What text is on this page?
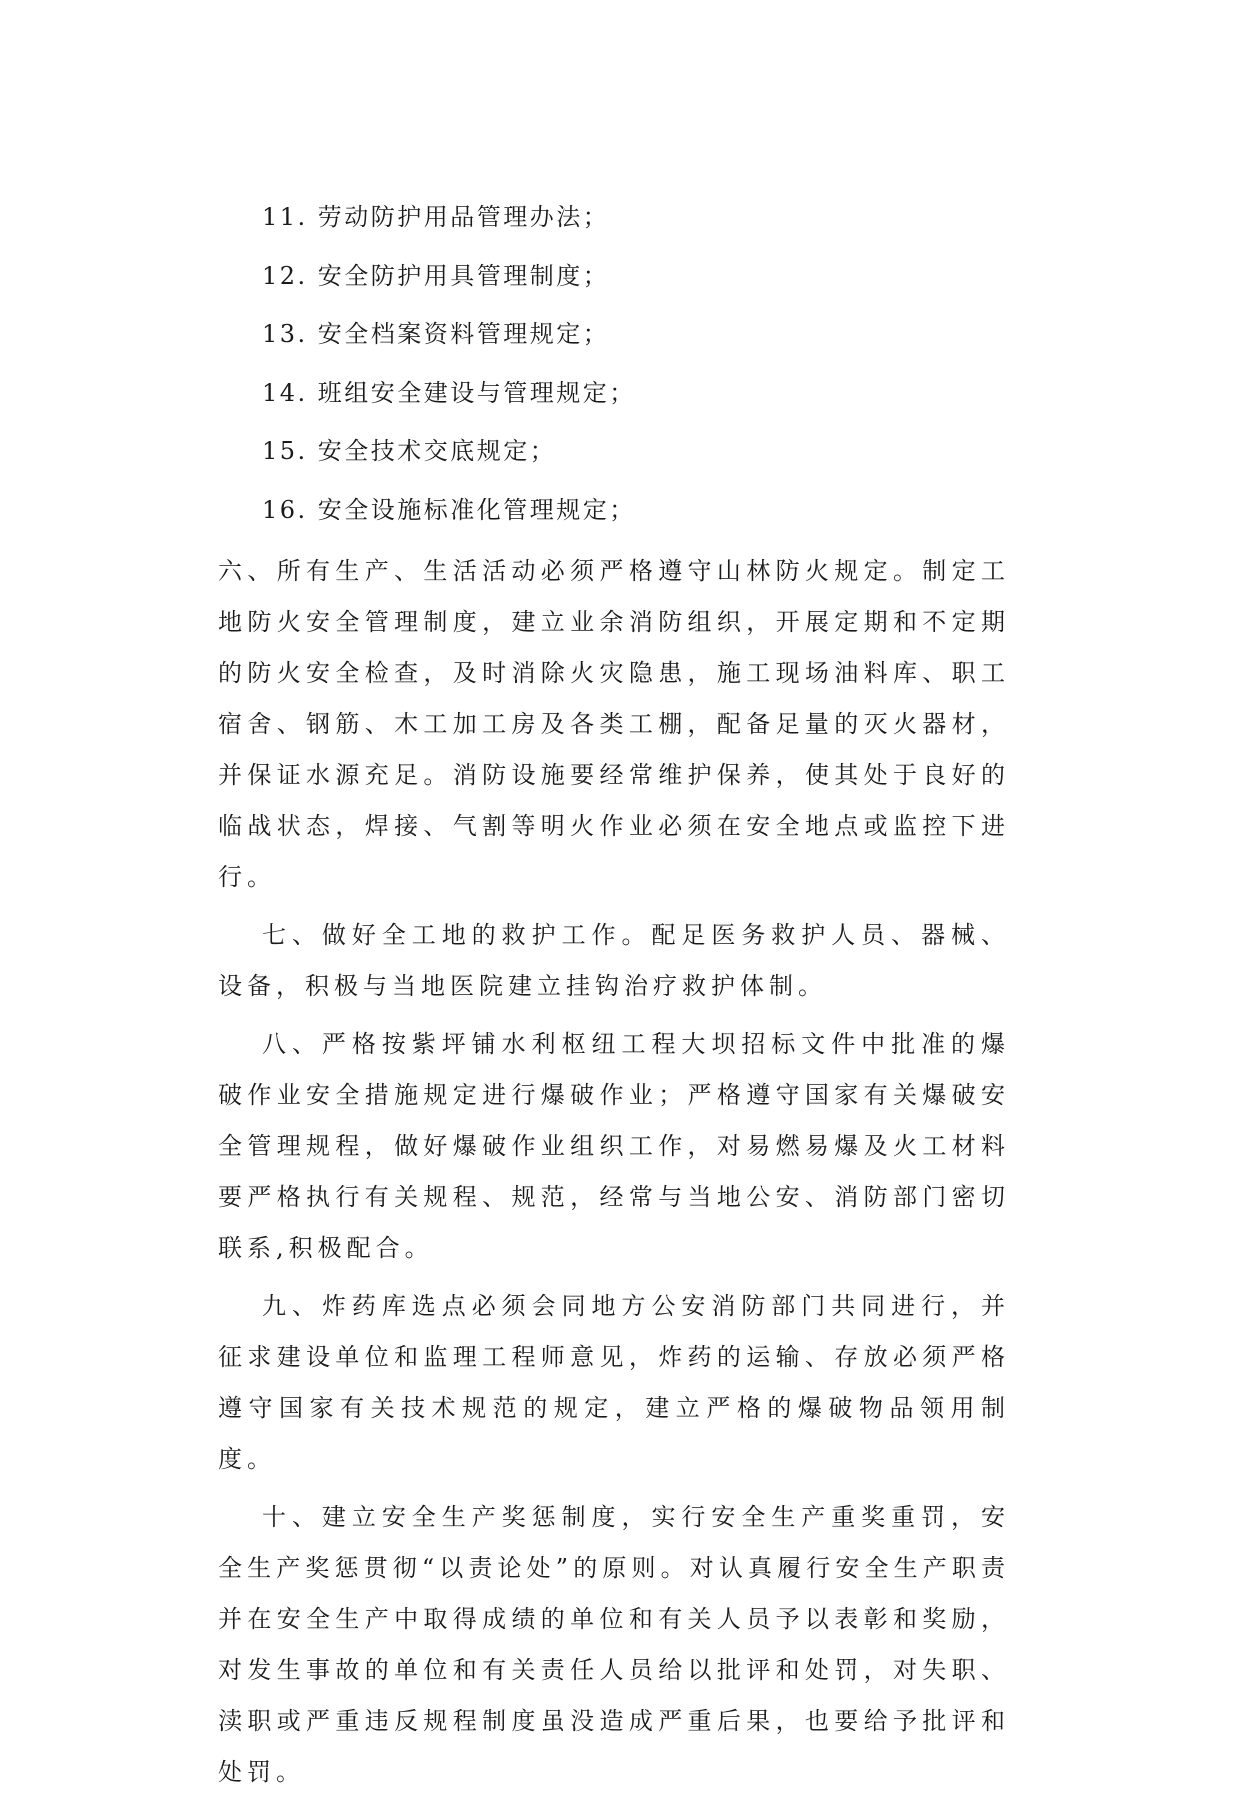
11. 劳动防护用品管理办法；

12. 安全防护用具管理制度；

13. 安全档案资料管理规定；

14. 班组安全建设与管理规定；

15. 安全技术交底规定；

16. 安全设施标准化管理规定；

六、所有生产、生活活动必须严格遵守山林防火规定。制定工地防火安全管理制度，建立业余消防组织，开展定期和不定期的防火安全检查，及时消除火灾隐患，施工现场油料库、职工宿舍、钢筋、木工加工房及各类工棚，配备足量的灭火器材，并保证水源充足。消防设施要经常维护保养，使其处于良好的临战状态，焊接、气割等明火作业必须在安全地点或监控下进行。

七、做好全工地的救护工作。配足医务救护人员、器械、设备，积极与当地医院建立挂钩治疗救护体制。

八、严格按紫坪铺水利枢纽工程大坝招标文件中批准的爆破作业安全措施规定进行爆破作业；严格遵守国家有关爆破安全管理规程，做好爆破作业组织工作，对易燃易爆及火工材料要严格执行有关规程、规范，经常与当地公安、消防部门密切联系,积极配合。

九、炸药库选点必须会同地方公安消防部门共同进行，并征求建设单位和监理工程师意见，炸药的运输、存放必须严格遵守国家有关技术规范的规定，建立严格的爆破物品领用制度。

十、建立安全生产奖惩制度，实行安全生产重奖重罚，安全生产奖惩贯彻“以责论处”的原则。对认真履行安全生产职责并在安全生产中取得成绩的单位和有关人员予以表彰和奖励，对发生事故的单位和有关责任人员给以批评和处罚，对失职、渎职或严重违反规程制度虽没造成严重后果，也要给予批评和处罚。
